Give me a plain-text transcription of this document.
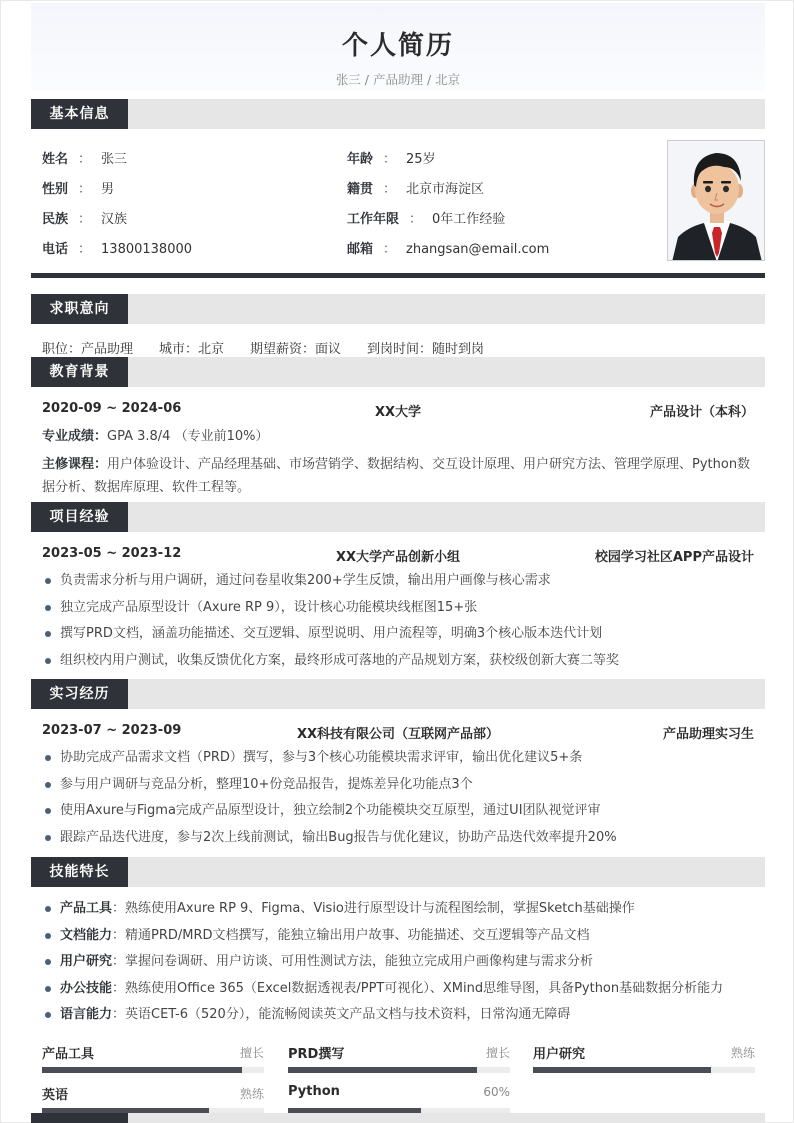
个人简历
张三 / 产品助理 / 北京
基本信息
姓名 ： 张三
性别 ： 男
民族 ： 汉族
电话 ： 13800138000
年龄 ： 25岁
籍贯 ： 北京市海淀区
工作年限 ： 0年工作经验
邮箱 ： zhangsan@email.com
求职意向
职位：产品助理 城市：北京 期望薪资：面议 到岗时间：随时到岗
教育背景
2020-09 ~ 2024-06	XX大学	产品设计（本科）
专业成绩：GPA 3.8/4 （专业前10%）
主修课程：用户体验设计、产品经理基础、市场营销学、数据结构、交互设计原理、用户研究方法、管理学原理、Python数据分析、数据库原理、软件工程等。
项目经验
2023-05 ~ 2023-12	XX大学产品创新小组	校园学习社区APP产品设计
负责需求分析与用户调研，通过问卷星收集200+学生反馈，输出用户画像与核心需求
独立完成产品原型设计（Axure RP 9），设计核心功能模块线框图15+张
撰写PRD文档，涵盖功能描述、交互逻辑、原型说明、用户流程等，明确3个核心版本迭代计划
组织校内用户测试，收集反馈优化方案，最终形成可落地的产品规划方案，获校级创新大赛二等奖
实习经历
2023-07 ~ 2023-09	XX科技有限公司（互联网产品部）	产品助理实习生
协助完成产品需求文档（PRD）撰写，参与3个核心功能模块需求评审，输出优化建议5+条
参与用户调研与竞品分析，整理10+份竞品报告，提炼差异化功能点3个
使用Axure与Figma完成产品原型设计，独立绘制2个功能模块交互原型，通过UI团队视觉评审
跟踪产品迭代进度，参与2次上线前测试，输出Bug报告与优化建议，协助产品迭代效率提升20%
技能特长
产品工具：熟练使用Axure RP 9、Figma、Visio进行原型设计与流程图绘制，掌握Sketch基础操作
文档能力：精通PRD/MRD文档撰写，能独立输出用户故事、功能描述、交互逻辑等产品文档
用户研究：掌握问卷调研、用户访谈、可用性测试方法，能独立完成用户画像构建与需求分析
办公技能：熟练使用Office 365（Excel数据透视表/PPT可视化）、XMind思维导图，具备Python基础数据分析能力
语言能力：英语CET-6（520分），能流畅阅读英文产品文档与技术资料，日常沟通无障碍
产品工具	擅长 PRD撰写	擅长 用户研究	熟练
英语	熟练 Python	60%
